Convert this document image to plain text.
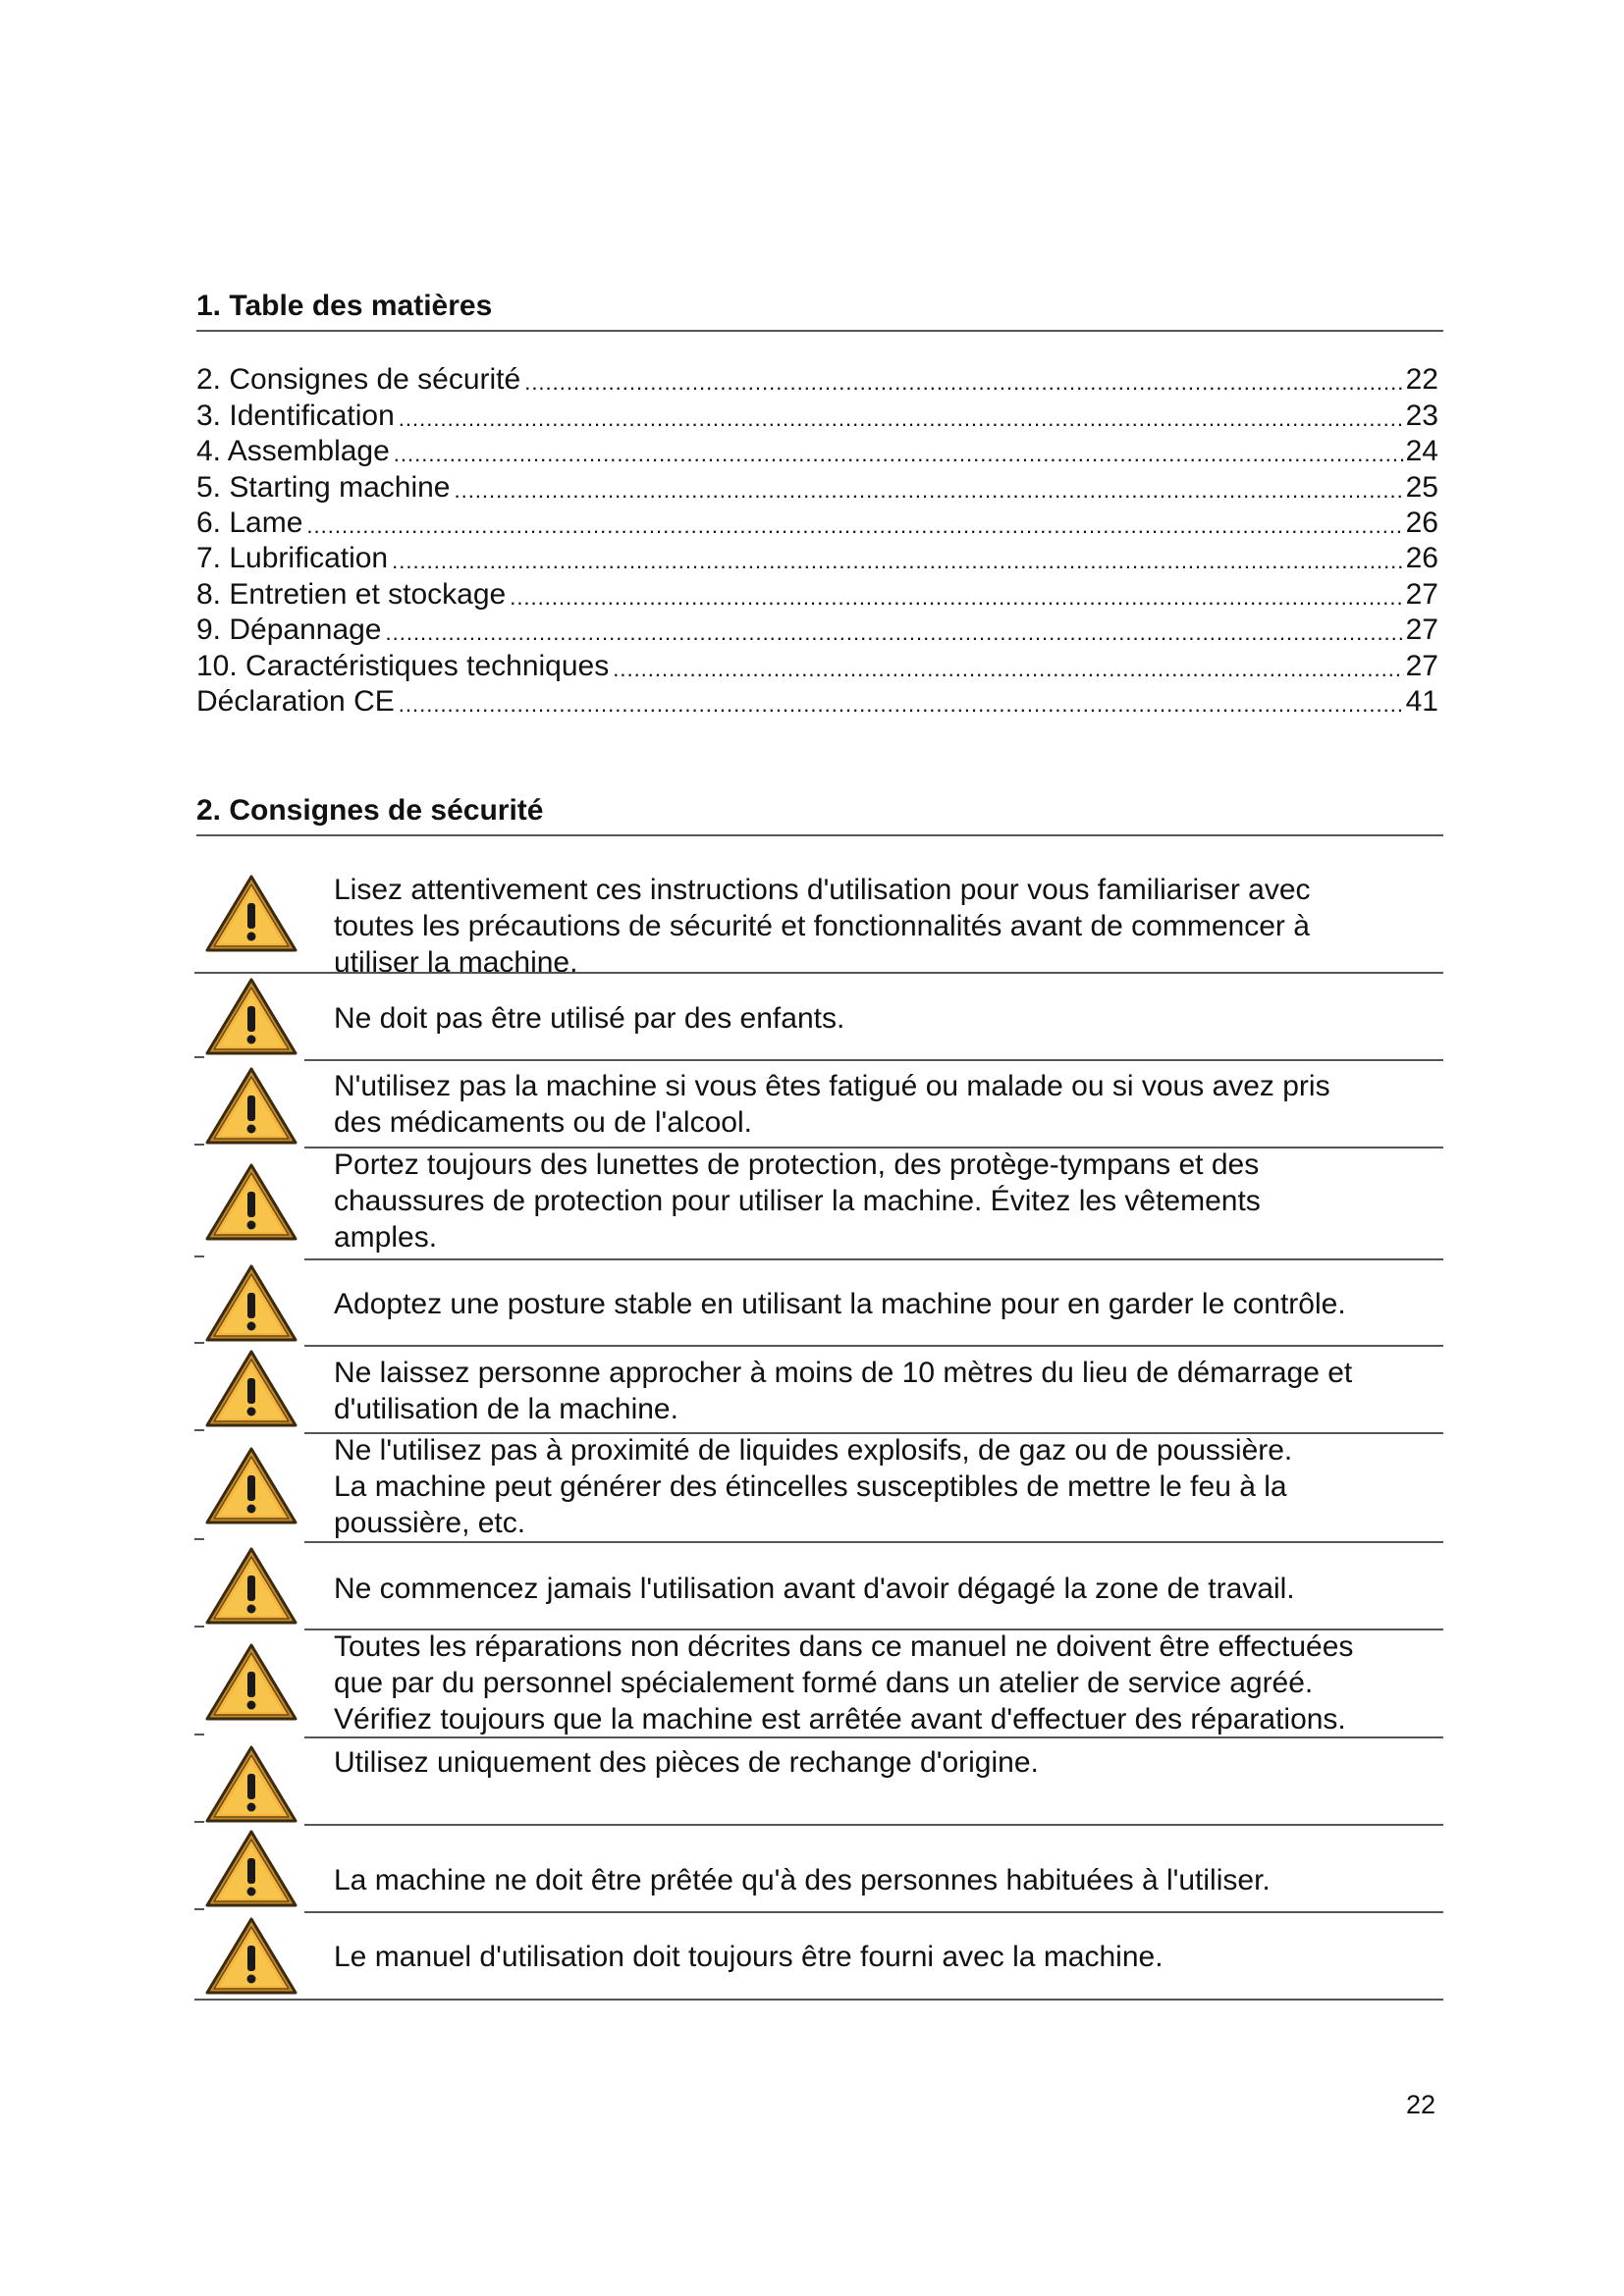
1. Table des matières
2. Consignes de sécurité .....	22
3. Identification .....	23
4. Assemblage .....	24
5. Starting machine .....	25
6. Lame .....	26
7. Lubrification .....	26
8. Entretien et stockage .....	27
9. Dépannage .....	27
10. Caractéristiques techniques .....	27
Déclaration CE .....	41
2. Consignes de sécurité
Lisez attentivement ces instructions d'utilisation pour vous familiariser avec
toutes les précautions de sécurité et fonctionnalités avant de commencer à
utiliser la machine.
Ne doit pas être utilisé par des enfants.
N'utilisez pas la machine si vous êtes fatigué ou malade ou si vous avez pris
des médicaments ou de l'alcool.
Portez toujours des lunettes de protection, des protège-tympans et des
chaussures de protection pour utiliser la machine. Évitez les vêtements
amples.
Adoptez une posture stable en utilisant la machine pour en garder le contrôle.
Ne laissez personne approcher à moins de 10 mètres du lieu de démarrage et
d'utilisation de la machine.
Ne l'utilisez pas à proximité de liquides explosifs, de gaz ou de poussière.
La machine peut générer des étincelles susceptibles de mettre le feu à la
poussière, etc.
Ne commencez jamais l'utilisation avant d'avoir dégagé la zone de travail.
Toutes les réparations non décrites dans ce manuel ne doivent être effectuées
que par du personnel spécialement formé dans un atelier de service agréé.
Vérifiez toujours que la machine est arrêtée avant d'effectuer des réparations.
Utilisez uniquement des pièces de rechange d'origine.
La machine ne doit être prêtée qu'à des personnes habituées à l'utiliser.
Le manuel d'utilisation doit toujours être fourni avec la machine.
22
